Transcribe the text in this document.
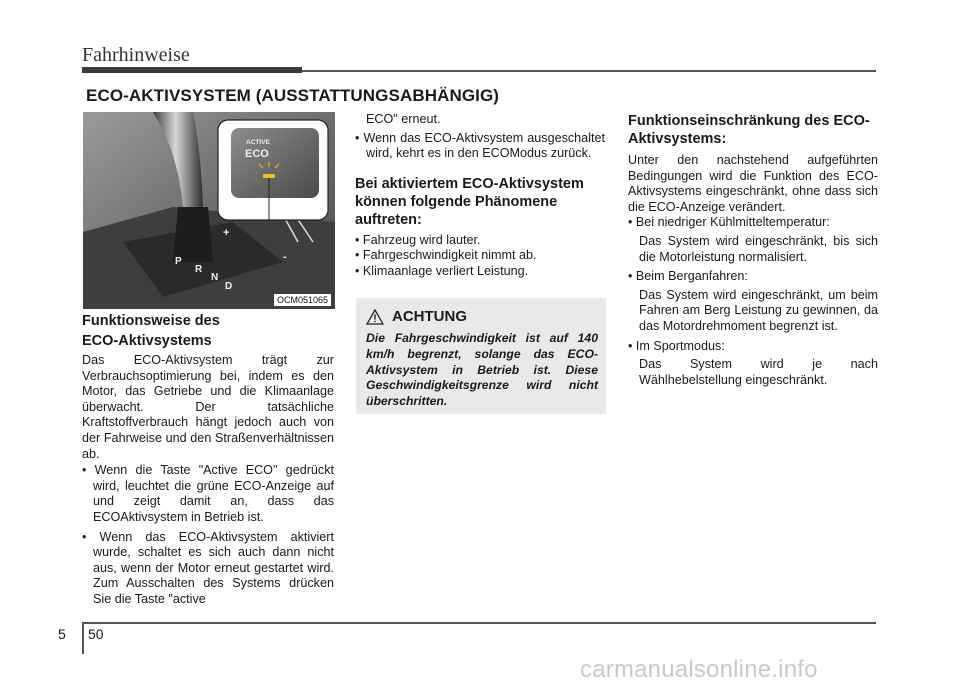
Fahrhinweise
ECO-AKTIVSYSTEM (AUSSTATTUNGSABHÄNGIG)
+
-
P
R
N
D
ACTIVE
ECO
OCM051065
Funktionsweise des
ECO-Aktivsystems
Das ECO-Aktivsystem trägt zur Verbrauchsoptimierung bei, indem es den Motor, das Getriebe und die Klimaanlage überwacht. Der tatsächliche Kraftstoffverbrauch hängt jedoch auch von der Fahrweise und den Straßenverhältnissen ab.
• Wenn die Taste "Active ECO" gedrückt wird, leuchtet die grüne ECO-Anzeige auf und zeigt damit an, dass das ECOAktivsystem in Betrieb ist.
• Wenn das ECO-Aktivsystem aktiviert wurde, schaltet es sich auch dann nicht aus, wenn der Motor erneut gestartet wird. Zum Ausschalten des Systems drücken Sie die Taste "active
ECO" erneut.
• Wenn das ECO-Aktivsystem ausgeschaltet wird, kehrt es in den ECOModus zurück.
Bei aktiviertem ECO-Aktivsystem können folgende Phänomene auftreten:
• Fahrzeug wird lauter.
• Fahrgeschwindigkeit nimmt ab.
• Klimaanlage verliert Leistung.
ACHTUNG
Die Fahrgeschwindigkeit ist auf 140 km/h begrenzt, solange das ECO-Aktivsystem in Betrieb ist. Diese Geschwindigkeitsgrenze wird nicht überschritten.
Funktionseinschränkung des ECO-Aktivsystems:
Unter den nachstehend aufgeführten Bedingungen wird die Funktion des ECO-Aktivsystems eingeschränkt, ohne dass sich die ECO-Anzeige verändert.
• Bei niedriger Kühlmitteltemperatur:
Das System wird eingeschränkt, bis sich die Motorleistung normalisiert.
• Beim Berganfahren:
Das System wird eingeschränkt, um beim Fahren am Berg Leistung zu gewinnen, da das Motordrehmoment begrenzt ist.
• Im Sportmodus:
Das System wird je nach Wählhebelstellung eingeschränkt.
5 50
carmanualsonline.info
